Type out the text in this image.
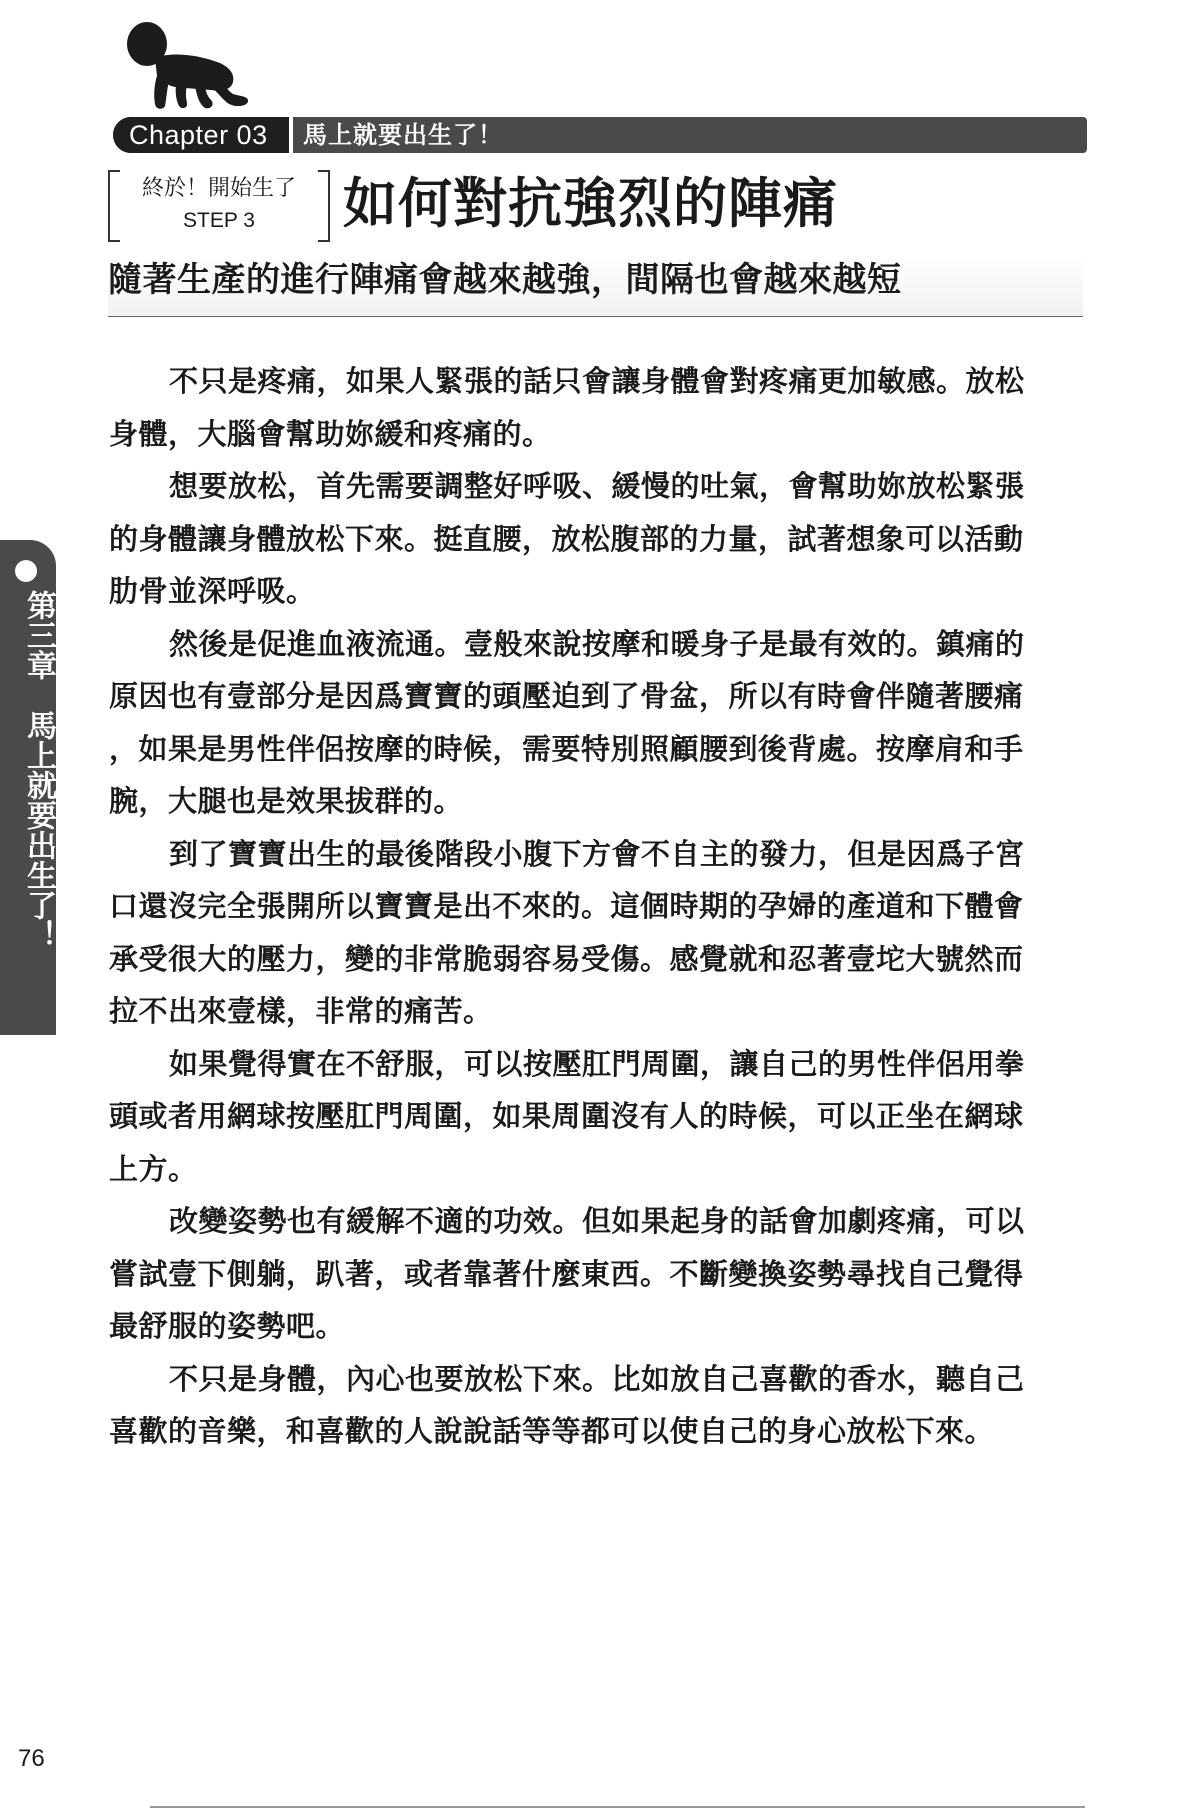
Chapter 03	馬上就要出生了！
終於！開始生了
STEP 3	如何對抗強烈的陣痛
隨著生產的進行陣痛會越來越強，間隔也會越來越短

不只是疼痛，如果人緊張的話只會讓身體會對疼痛更加敏感。放松
身體，大腦會幫助妳緩和疼痛的。

想要放松，首先需要調整好呼吸、緩慢的吐氣，會幫助妳放松緊張
的身體讓身體放松下來。挺直腰，放松腹部的力量，試著想象可以活動
肋骨並深呼吸。

然後是促進血液流通。壹般來說按摩和暖身子是最有效的。鎮痛的
原因也有壹部分是因爲寶寶的頭壓迫到了骨盆，所以有時會伴隨著腰痛
，如果是男性伴侶按摩的時候，需要特別照顧腰到後背處。按摩肩和手
腕，大腿也是效果拔群的。

到了寶寶出生的最後階段小腹下方會不自主的發力，但是因爲子宮
口還沒完全張開所以寶寶是出不來的。這個時期的孕婦的產道和下體會
承受很大的壓力，變的非常脆弱容易受傷。感覺就和忍著壹坨大號然而
拉不出來壹樣，非常的痛苦。

如果覺得實在不舒服，可以按壓肛門周圍，讓自己的男性伴侶用拳
頭或者用網球按壓肛門周圍，如果周圍沒有人的時候，可以正坐在網球
上方。

改變姿勢也有緩解不適的功效。但如果起身的話會加劇疼痛，可以
嘗試壹下側躺，趴著，或者靠著什麼東西。不斷變換姿勢尋找自己覺得
最舒服的姿勢吧。

不只是身體，內心也要放松下來。比如放自己喜歡的香水，聽自己
喜歡的音樂，和喜歡的人說說話等等都可以使自己的身心放松下來。

第三章　馬上就要出生了！
76
